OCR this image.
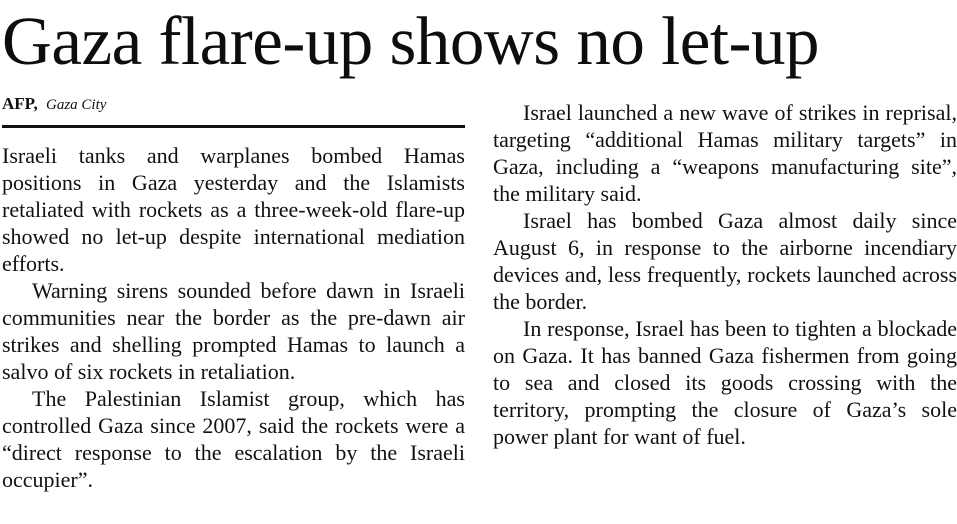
Gaza flare-up shows no let-up
AFP, Gaza City

Israeli tanks and warplanes bombed Hamas positions in Gaza yesterday and the Islamists retaliated with rockets as a three-week-old flare-up showed no let-up despite international mediation efforts.

Warning sirens sounded before dawn in Israeli communities near the border as the pre-dawn air strikes and shelling prompted Hamas to launch a salvo of six rockets in retaliation.

The Palestinian Islamist group, which has controlled Gaza since 2007, said the rockets were a “direct response to the escalation by the Israeli occupier”.

Israel launched a new wave of strikes in reprisal, targeting “additional Hamas military targets” in Gaza, including a “weapons manufacturing site”, the military said.

Israel has bombed Gaza almost daily since August 6, in response to the airborne incendiary devices and, less frequently, rockets launched across the border.

In response, Israel has been to tighten a blockade on Gaza. It has banned Gaza fishermen from going to sea and closed its goods crossing with the territory, prompting the closure of Gaza’s sole power plant for want of fuel.
